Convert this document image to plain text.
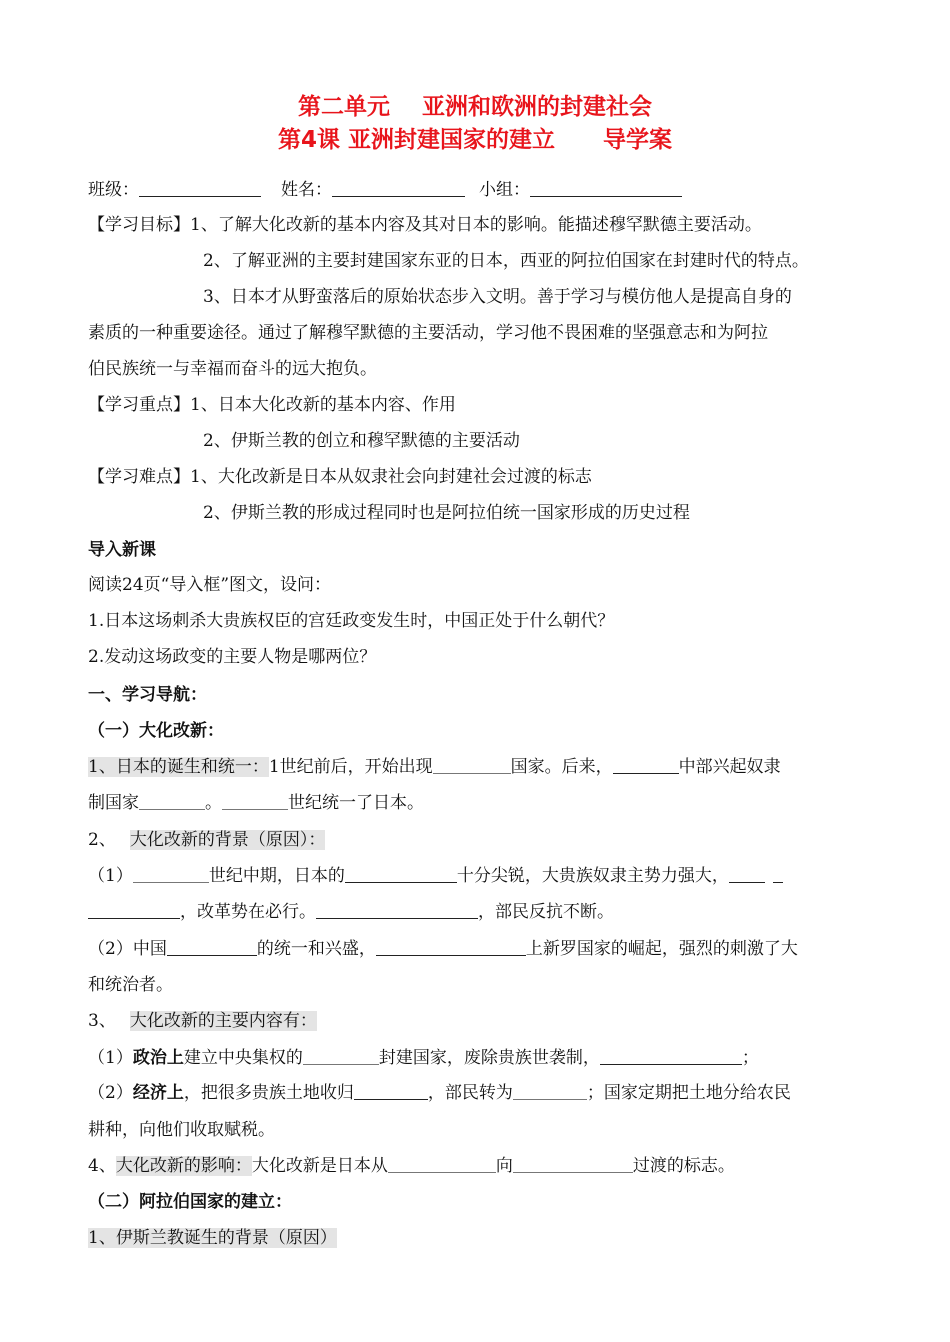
第二单元    亚洲和欧洲的封建社会
第4课 亚洲封建国家的建立      导学案
班级：	姓名：	小组：
【学习目标】1、了解大化改新的基本内容及其对日本的影响。能描述穆罕默德主要活动。
2、了解亚洲的主要封建国家东亚的日本，西亚的阿拉伯国家在封建时代的特点。
3、日本才从野蛮落后的原始状态步入文明。善于学习与模仿他人是提高自身的
素质的一种重要途径。通过了解穆罕默德的主要活动，学习他不畏困难的坚强意志和为阿拉
伯民族统一与幸福而奋斗的远大抱负。
【学习重点】1、日本大化改新的基本内容、作用
2、伊斯兰教的创立和穆罕默德的主要活动
【学习难点】1、大化改新是日本从奴隶社会向封建社会过渡的标志
2、伊斯兰教的形成过程同时也是阿拉伯统一国家形成的历史过程
导入新课
阅读24页“导入框”图文，设问：
1.日本这场刺杀大贵族权臣的宫廷政变发生时，中国正处于什么朝代？
2.发动这场政变的主要人物是哪两位？
一、学习导航：
（一）大化改新：
1、日本的诞生和统一：1世纪前后，开始出现	国家。后来，	中部兴起奴隶
制国家	。	世纪统一了日本。
2、 大化改新的背景（原因）：
（1）	世纪中期，日本的	十分尖锐，大贵族奴隶主势力强大，
，改革势在必行。	，部民反抗不断。
（2）中国	的统一和兴盛，	上新罗国家的崛起，强烈的刺激了大
和统治者。
3、 大化改新的主要内容有：
（1）政治上建立中央集权的	封建国家，废除贵族世袭制，	；
（2）经济上，把很多贵族土地收归	，部民转为	；国家定期把土地分给农民
耕种，向他们收取赋税。
4、大化改新的影响：大化改新是日本从	向	过渡的标志。
（二）阿拉伯国家的建立：
1、伊斯兰教诞生的背景（原因）
